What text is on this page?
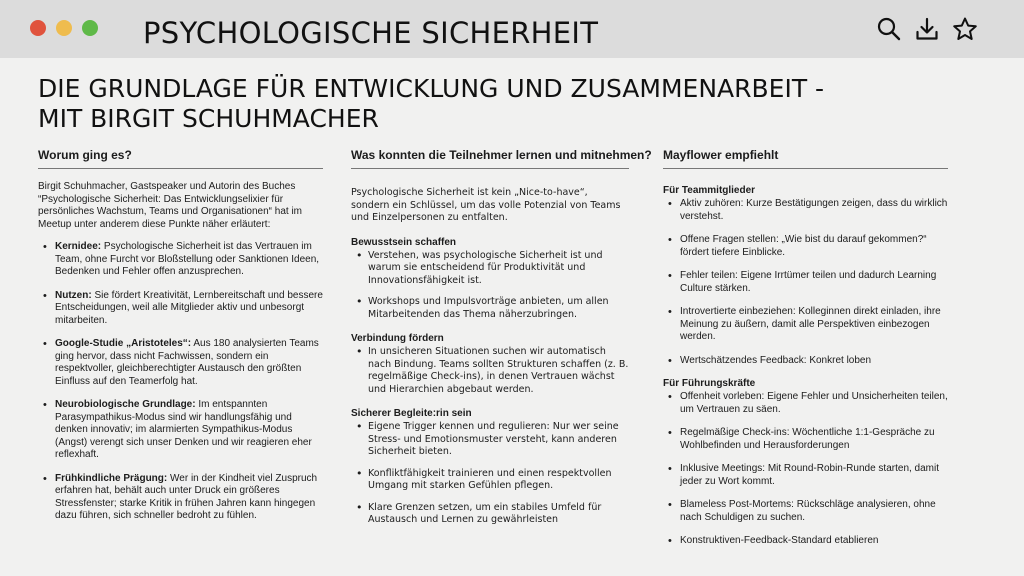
PSYCHOLOGISCHE SICHERHEIT
DIE GRUNDLAGE FÜR ENTWICKLUNG UND ZUSAMMENARBEIT -
MIT BIRGIT SCHUHMACHER
Worum ging es?

Birgit Schuhmacher, Gastspeaker und Autorin des Buches “Psychologische Sicherheit: Das Entwicklungselixier für persönliches Wachstum, Teams und Organisationen“ hat im Meetup unter anderem diese Punkte näher erläutert:

• Kernidee: Psychologische Sicherheit ist das Vertrauen im Team, ohne Furcht vor Bloßstellung oder Sanktionen Ideen, Bedenken und Fehler offen anzusprechen.
• Nutzen: Sie fördert Kreativität, Lernbereitschaft und bessere Entscheidungen, weil alle Mitglieder aktiv und unbesorgt mitarbeiten.
• Google-Studie „Aristoteles“: Aus 180 analysierten Teams ging hervor, dass nicht Fachwissen, sondern ein respektvoller, gleichberechtigter Austausch den größten Einfluss auf den Teamerfolg hat.
• Neurobiologische Grundlage: Im entspannten Parasympathikus-Modus sind wir handlungsfähig und denken innovativ; im alarmierten Sympathikus-Modus (Angst) verengt sich unser Denken und wir reagieren eher reflexhaft.
• Frühkindliche Prägung: Wer in der Kindheit viel Zuspruch erfahren hat, behält auch unter Druck ein größeres Stressfenster; starke Kritik in frühen Jahren kann hingegen dazu führen, sich schneller bedroht zu fühlen.
Was konnten die Teilnehmer lernen und mitnehmen?

Psychologische Sicherheit ist kein „Nice-to-have“, sondern ein Schlüssel, um das volle Potenzial von Teams und Einzelpersonen zu entfalten.

Bewusstsein schaffen
• Verstehen, was psychologische Sicherheit ist und warum sie entscheidend für Produktivität und Innovationsfähigkeit ist.
• Workshops und Impulsvorträge anbieten, um allen Mitarbeitenden das Thema näherzubringen.
Verbindung fördern
• In unsicheren Situationen suchen wir automatisch nach Bindung. Teams sollten Strukturen schaffen (z. B. regelmäßige Check-ins), in denen Vertrauen wächst und Hierarchien abgebaut werden.
Sicherer Begleite:rin sein
• Eigene Trigger kennen und regulieren: Nur wer seine Stress- und Emotionsmuster versteht, kann anderen Sicherheit bieten.
• Konfliktfähigkeit trainieren und einen respektvollen Umgang mit starken Gefühlen pflegen.
• Klare Grenzen setzen, um ein stabiles Umfeld für Austausch und Lernen zu gewährleisten
Mayflower empfiehlt
Für Teammitglieder
• Aktiv zuhören: Kurze Bestätigungen zeigen, dass du wirklich verstehst.
• Offene Fragen stellen: „Wie bist du darauf gekommen?“ fördert tiefere Einblicke.
• Fehler teilen: Eigene Irrtümer teilen und dadurch Learning Culture stärken.
• Introvertierte einbeziehen: Kolleginnen direkt einladen, ihre Meinung zu äußern, damit alle Perspektiven einbezogen werden.
• Wertschätzendes Feedback: Konkret loben
Für Führungskräfte
• Offenheit vorleben: Eigene Fehler und Unsicherheiten teilen, um Vertrauen zu säen.
• Regelmäßige Check-ins: Wöchentliche 1:1-Gespräche zu Wohlbefinden und Herausforderungen
• Inklusive Meetings: Mit Round-Robin-Runde starten, damit jeder zu Wort kommt.
• Blameless Post-Mortems: Rückschläge analysieren, ohne nach Schuldigen zu suchen.
• Konstruktiven-Feedback-Standard etablieren
